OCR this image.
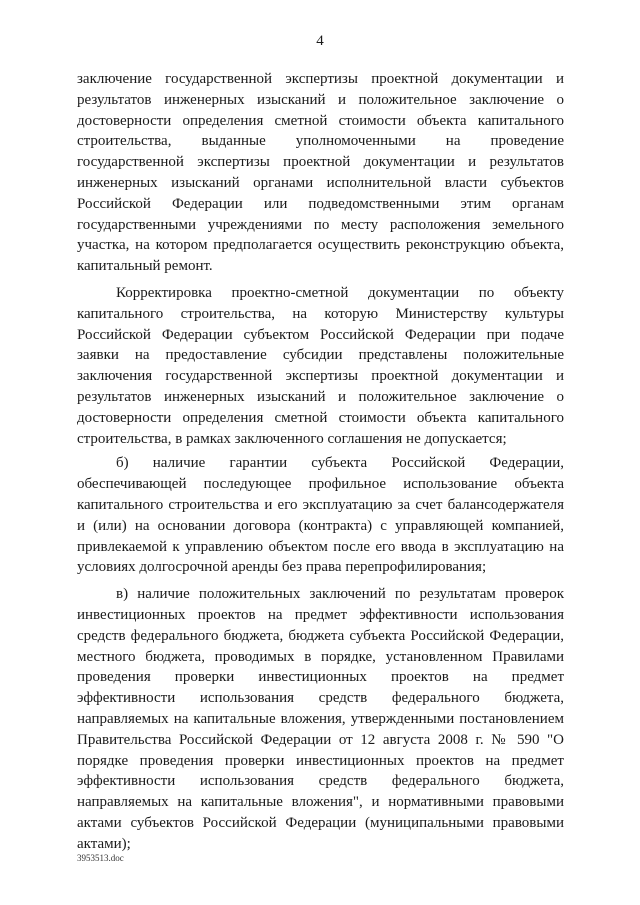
4

заключение государственной экспертизы проектной документации и результатов инженерных изысканий и положительное заключение о достоверности определения сметной стоимости объекта капитального строительства, выданные уполномоченными на проведение государственной экспертизы проектной документации и результатов инженерных изысканий органами исполнительной власти субъектов Российской Федерации или подведомственными этим органам государственными учреждениями по месту расположения земельного участка, на котором предполагается осуществить реконструкцию объекта, капитальный ремонт.

Корректировка проектно-сметной документации по объекту капитального строительства, на которую Министерству культуры Российской Федерации субъектом Российской Федерации при подаче заявки на предоставление субсидии представлены положительные заключения государственной экспертизы проектной документации и результатов инженерных изысканий и положительное заключение о достоверности определения сметной стоимости объекта капитального строительства, в рамках заключенного соглашения не допускается;

б) наличие гарантии субъекта Российской Федерации, обеспечивающей последующее профильное использование объекта капитального строительства и его эксплуатацию за счет балансодержателя и (или) на основании договора (контракта) с управляющей компанией, привлекаемой к управлению объектом после его ввода в эксплуатацию на условиях долгосрочной аренды без права перепрофилирования;

в) наличие положительных заключений по результатам проверок инвестиционных проектов на предмет эффективности использования средств федерального бюджета, бюджета субъекта Российской Федерации, местного бюджета, проводимых в порядке, установленном Правилами проведения проверки инвестиционных проектов на предмет эффективности использования средств федерального бюджета, направляемых на капитальные вложения, утвержденными постановлением Правительства Российской Федерации от 12 августа 2008 г. № 590 "О порядке проведения проверки инвестиционных проектов на предмет эффективности использования средств федерального бюджета, направляемых на капитальные вложения", и нормативными правовыми актами субъектов Российской Федерации (муниципальными правовыми актами);

3953513.doc
